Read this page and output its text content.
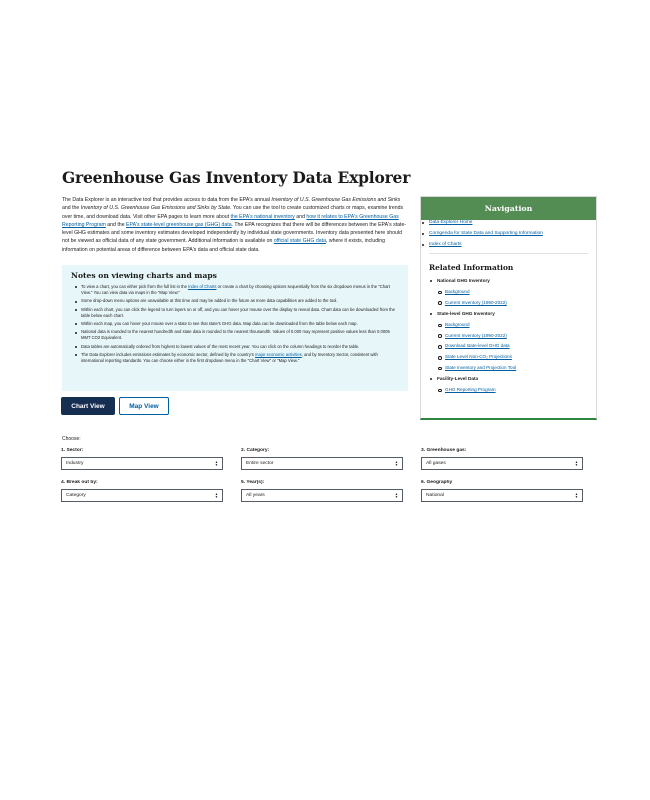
Greenhouse Gas Inventory Data Explorer
The Data Explorer is an interactive tool that provides access to data from the EPA's annual Inventory of U.S. Greenhouse Gas Emissions and Sinks and the Inventory of U.S. Greenhouse Gas Emissions and Sinks by State. You can use the tool to create customized charts or maps, examine trends over time, and download data. Visit other EPA pages to learn more about the EPA's national inventory and how it relates to EPA's Greenhouse Gas Reporting Program and the EPA's state-level greenhouse gas (GHG) data. The EPA recognizes that there will be differences between the EPA's state-level GHG estimates and some inventory estimates developed independently by individual state governments. Inventory data presented here should not be viewed as official data of any state government. Additional information is available on official state GHG data, where it exists, including information on potential areas of difference between EPA's data and official state data.
Notes on viewing charts and maps
To view a chart, you can either pick from the full list in the Index of Charts or create a chart by choosing options sequentially from the six dropdown menus in the "Chart View." You can view data via maps in the "Map View."
Some drop-down menu options are unavailable at this time and may be added in the future as more data capabilities are added to the tool.
Within each chart, you can click the legend to turn layers on or off, and you can hover your mouse over the display to reveal data. Chart data can be downloaded from the table below each chart.
Within each map, you can hover your mouse over a state to see that state's GHG data. Map data can be downloaded from the table below each map.
National data is rounded to the nearest hundredth and state data is rounded to the nearest thousandth. Values of 0.000 may represent positive values less than 0.0005 MMT CO2 Equivalent.
Data tables are automatically ordered from highest to lowest values of the most recent year. You can click on the column headings to reorder the table.
The Data Explorer includes emissions estimates by economic sector, defined by the country's major economic activities, and by Inventory Sector, consistent with international reporting standards. You can choose either in the first dropdown menu in the "Chart View" or "Map View."
Chart View	Map View
Navigation
Data Explorer Home
Corrigenda for State Data and Supporting Information
Index of Charts
Related Information
National GHG Inventory
Background
Current Inventory (1990-2022)
State-level GHG Inventory
Background
Current Inventory (1990-2022)
Download state-level GHG data
State Level Non-CO₂ Projections
State Inventory and Projection Tool
Facility-Level Data
GHG Reporting Program
Choose:
1. Sector:
Industry	▲
▼
2. Category:
Entire sector	▲
▼
3. Greenhouse gas:
All gases	▲
▼
4. Break out by:
Category	▲
▼
5. Year(s):
All years	▲
▼
6. Geography
National	▲
▼
